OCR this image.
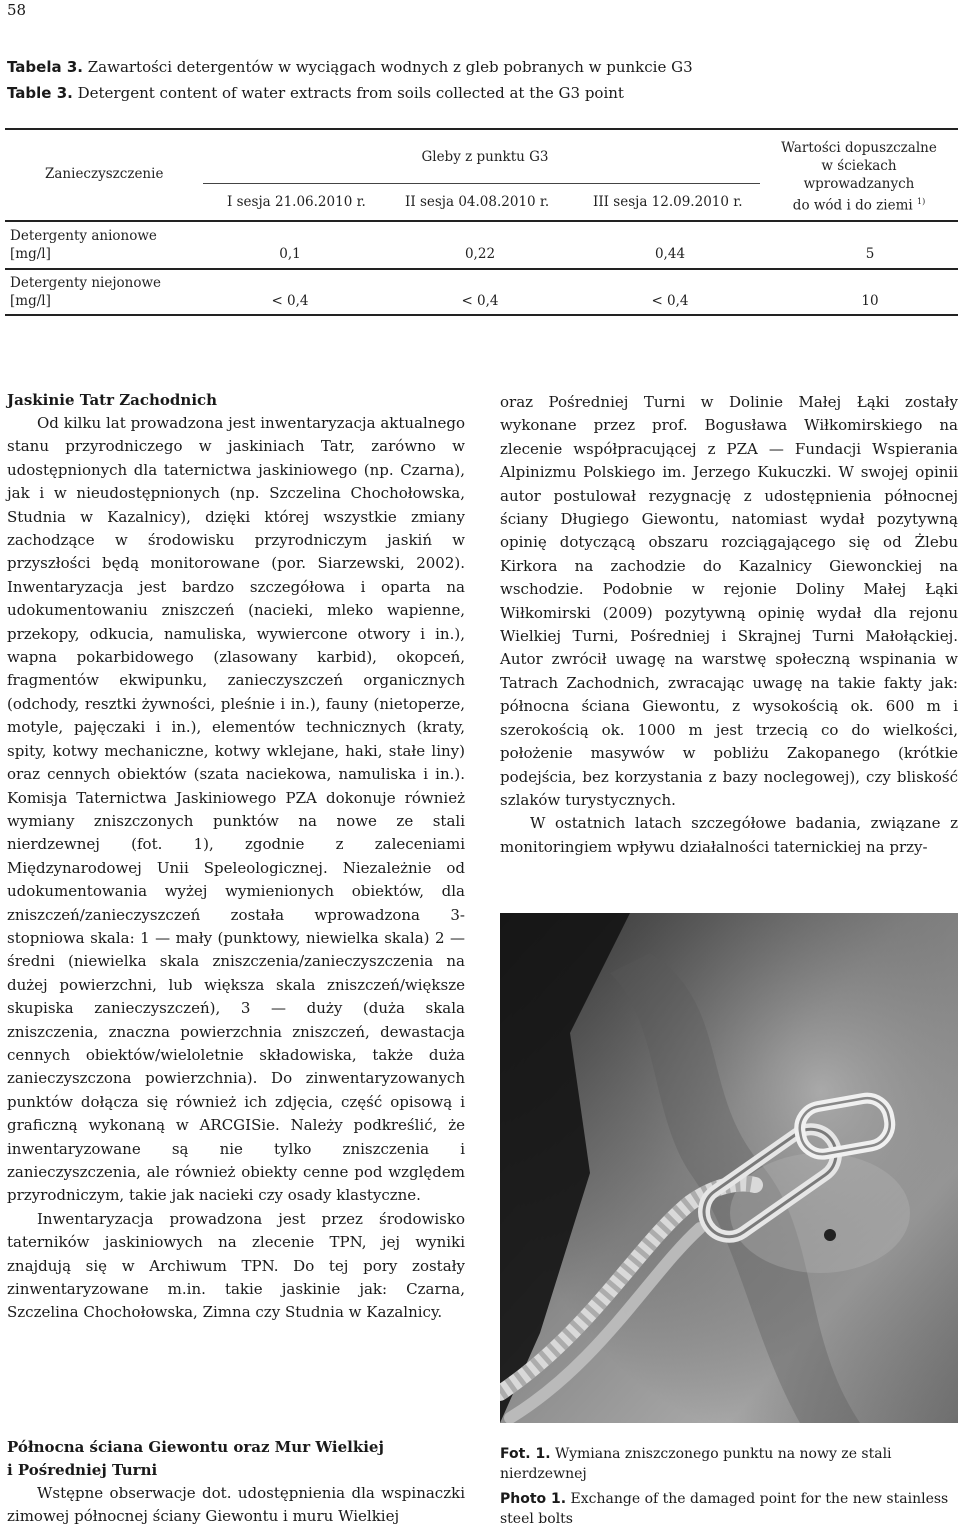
58
Tabela 3. Zawartości detergentów w wyciągach wodnych z gleb pobranych w punkcie G3
Table 3. Detergent content of water extracts from soils collected at the G3 point
Zanieczyszczenie
Gleby z punktu G3
I sesja 21.06.2010 r.	II sesja 04.08.2010 r.	III sesja 12.09.2010 r.
Wartości dopuszczalne
w ściekach
wprowadzanych
do wód i do ziemi $^{1)}$
Detergenty anionowe
[mg/l]	0,1	0,22	0,44	5
Detergenty niejonowe
[mg/l]	< 0,4	< 0,4	< 0,4	10
Jaskinie Tatr Zachodnich

Od kilku lat prowadzona jest inwentaryzacja aktualnego stanu przyrodniczego w jaskiniach Tatr, zarówno w udostępnionych dla taternictwa jaskiniowego (np. Czarna), jak i w nieudostępnionych (np. Szczelina Chochołowska, Studnia w Kazalnicy), dzięki której wszystkie zmiany zachodzące w środowisku przyrodniczym jaskiń w przyszłości będą monitorowane (por. Siarzewski, 2002). Inwentaryzacja jest bardzo szczegółowa i oparta na udokumentowaniu zniszczeń (nacieki, mleko wapienne, przekopy, odkucia, namuliska, wywiercone otwory i in.), wapna pokarbidowego (zlasowany karbid), okopceń, fragmentów ekwipunku, zanieczyszczeń organicznych (odchody, resztki żywności, pleśnie i in.), fauny (nietoperze, motyle, pajęczaki i in.), elementów technicznych (kraty, spity, kotwy mechaniczne, kotwy wklejane, haki, stałe liny) oraz cennych obiektów (szata naciekowa, namuliska i in.). Komisja Taternictwa Jaskiniowego PZA dokonuje również wymiany zniszczonych punktów na nowe ze stali nierdzewnej (fot. 1), zgodnie z zaleceniami Międzynarodowej Unii Speleologicznej. Niezależnie od udokumentowania wyżej wymienionych obiektów, dla zniszczeń/zanieczyszczeń została wprowadzona 3-stopniowa skala: 1 — mały (punktowy, niewielka skala) 2 — średni (niewielka skala zniszczenia/zanieczyszczenia na dużej powierzchni, lub większa skala zniszczeń/większe skupiska zanieczyszczeń), 3 — duży (duża skala zniszczenia, znaczna powierzchnia zniszczeń, dewastacja cennych obiektów/wieloletnie składowiska, także duża zanieczyszczona powierzchnia). Do zinwentaryzowanych punktów dołącza się również ich zdjęcia, część opisową i graficzną wykonaną w ARCGISie. Należy podkreślić, że inwentaryzowane są nie tylko zniszczenia i zanieczyszczenia, ale również obiekty cenne pod względem przyrodniczym, takie jak nacieki czy osady klastyczne.

Inwentaryzacja prowadzona jest przez środowisko taterników jaskiniowych na zlecenie TPN, jej wyniki znajdują się w Archiwum TPN. Do tej pory zostały zinwentaryzowane m.in. takie jaskinie jak: Czarna, Szczelina Chochołowska, Zimna czy Studnia w Kazalnicy.

Północna ściana Giewontu oraz Mur Wielkiej
i Pośredniej Turni

Wstępne obserwacje dot. udostępnienia dla wspinaczki zimowej północnej ściany Giewontu i muru Wielkiej

oraz Pośredniej Turni w Dolinie Małej Łąki zostały wykonane przez prof. Bogusława Wiłkomirskiego na zlecenie współpracującej z PZA — Fundacji Wspierania Alpinizmu Polskiego im. Jerzego Kukuczki. W swojej opinii autor postulował rezygnację z udostępnienia północnej ściany Długiego Giewontu, natomiast wydał pozytywną opinię dotyczącą obszaru rozciągającego się od Żlebu Kirkora na zachodzie do Kazalnicy Giewonckiej na wschodzie. Podobnie w rejonie Doliny Małej Łąki Wiłkomirski (2009) pozytywną opinię wydał dla rejonu Wielkiej Turni, Pośredniej i Skrajnej Turni Małołąckiej. Autor zwrócił uwagę na warstwę społeczną wspinania w Tatrach Zachodnich, zwracając uwagę na takie fakty jak: północna ściana Giewontu, z wysokością ok. 600 m i szerokością ok. 1000 m jest trzecią co do wielkości, położenie masywów w pobliżu Zakopanego (krótkie podejścia, bez korzystania z bazy noclegowej), czy bliskość szlaków turystycznych.

W ostatnich latach szczegółowe badania, związane z monitoringiem wpływu działalności taternickiej na przy-

Fot. 1. Wymiana zniszczonego punktu na nowy ze stali nierdzewnej
Photo 1. Exchange of the damaged point for the new stainless steel bolts
